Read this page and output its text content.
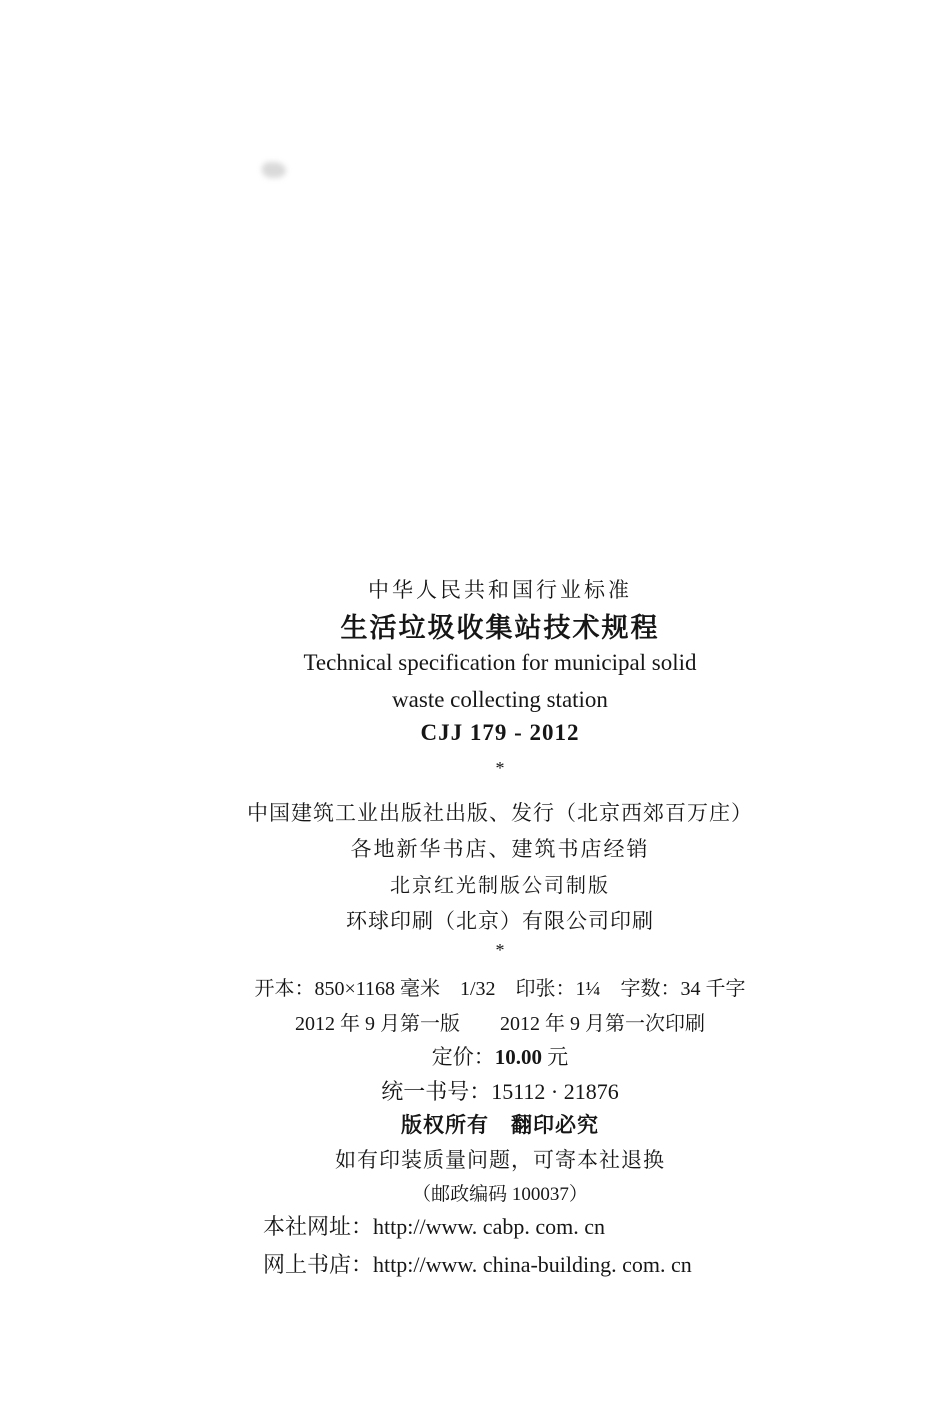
中华人民共和国行业标准
生活垃圾收集站技术规程
Technical specification for municipal solid
waste collecting station
CJJ 179 - 2012
*
中国建筑工业出版社出版、发行（北京西郊百万庄）
各地新华书店、建筑书店经销
北京红光制版公司制版
环球印刷（北京）有限公司印刷
*
开本：850×1168 毫米　1/32　印张：1¼　字数：34 千字
2012 年 9 月第一版　　2012 年 9 月第一次印刷
定价：10.00 元
统一书号：15112 · 21876
版权所有　翻印必究
如有印装质量问题，可寄本社退换
（邮政编码 100037）
本社网址：http://www. cabp. com. cn
网上书店：http://www. china-building. com. cn
